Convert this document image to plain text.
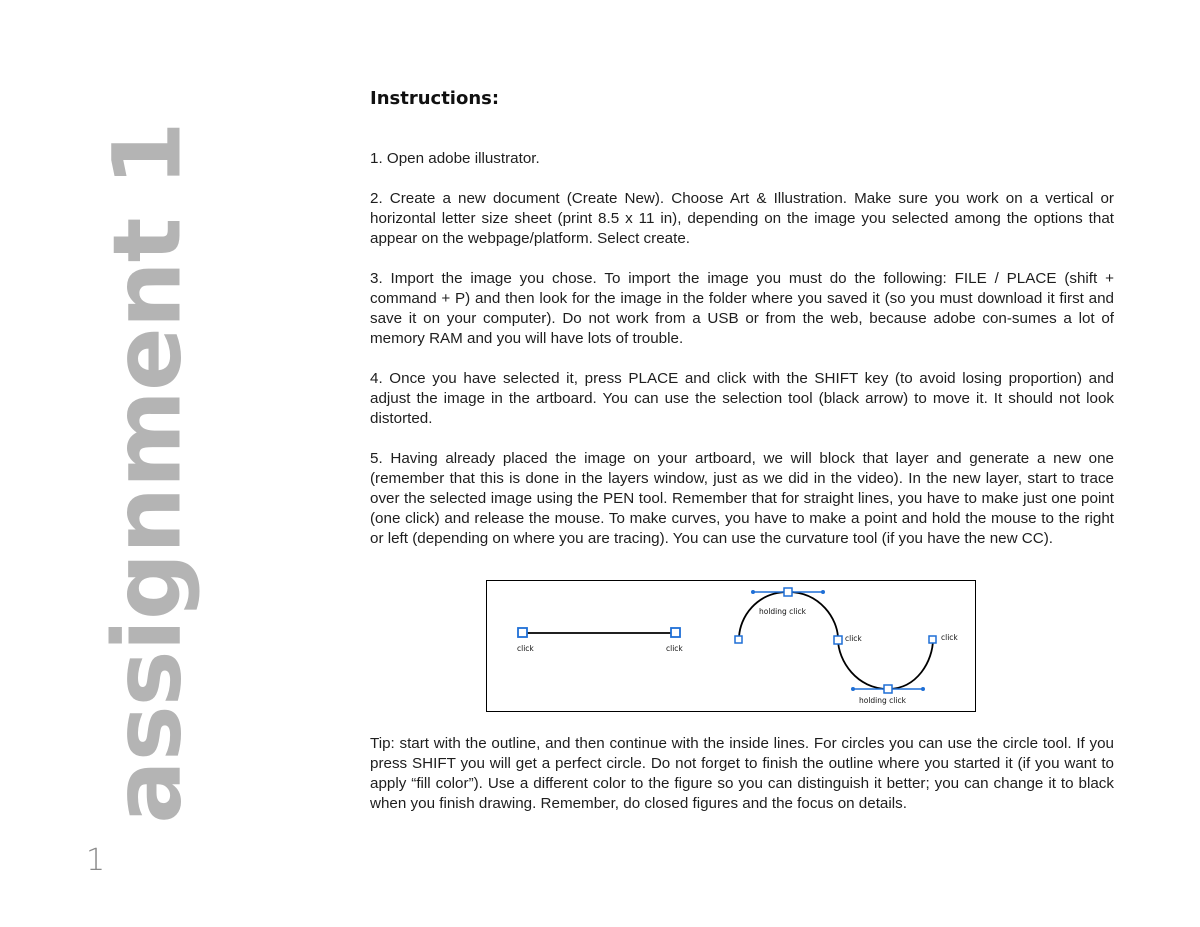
assignment 1
1
Instructions:

1. Open adobe illustrator.

2. Create a new document (Create New). Choose Art & Illustration. Make sure you work on a vertical or horizontal letter size sheet (print 8.5 x 11 in), depending on the image you selected among the options that appear on the webpage/platform. Select create.

3. Import the image you chose. To import the image you must do the following: FILE / PLACE (shift + command + P) and then look for the image in the folder where you saved it (so you must download it first and save it on your computer). Do not work from a USB or from the web, because adobe con-sumes a lot of memory RAM and you will have lots of trouble.

4. Once you have selected it, press PLACE and click with the SHIFT key (to avoid losing proportion) and adjust the image in the artboard. You can use the selection tool (black arrow) to move it. It should not look distorted.

5. Having already placed the image on your artboard, we will block that layer and generate a new one (remember that this is done in the layers window, just as we did in the video). In the new layer, start to trace over the selected image using the PEN tool. Remember that for straight lines, you have to make just one point (one click) and release the mouse. To make curves, you have to make a point and hold the mouse to the right or left (depending on where you are tracing). You can use the curvature tool (if you have the new CC).

click	click
holding click
holding click
click	click

Tip: start with the outline, and then continue with the inside lines. For circles you can use the circle tool. If you press SHIFT you will get a perfect circle. Do not forget to finish the outline where you started it (if you want to apply “fill color”). Use a different color to the figure so you can distinguish it better; you can change it to black when you finish drawing. Remember, do closed figures and the focus on details.
